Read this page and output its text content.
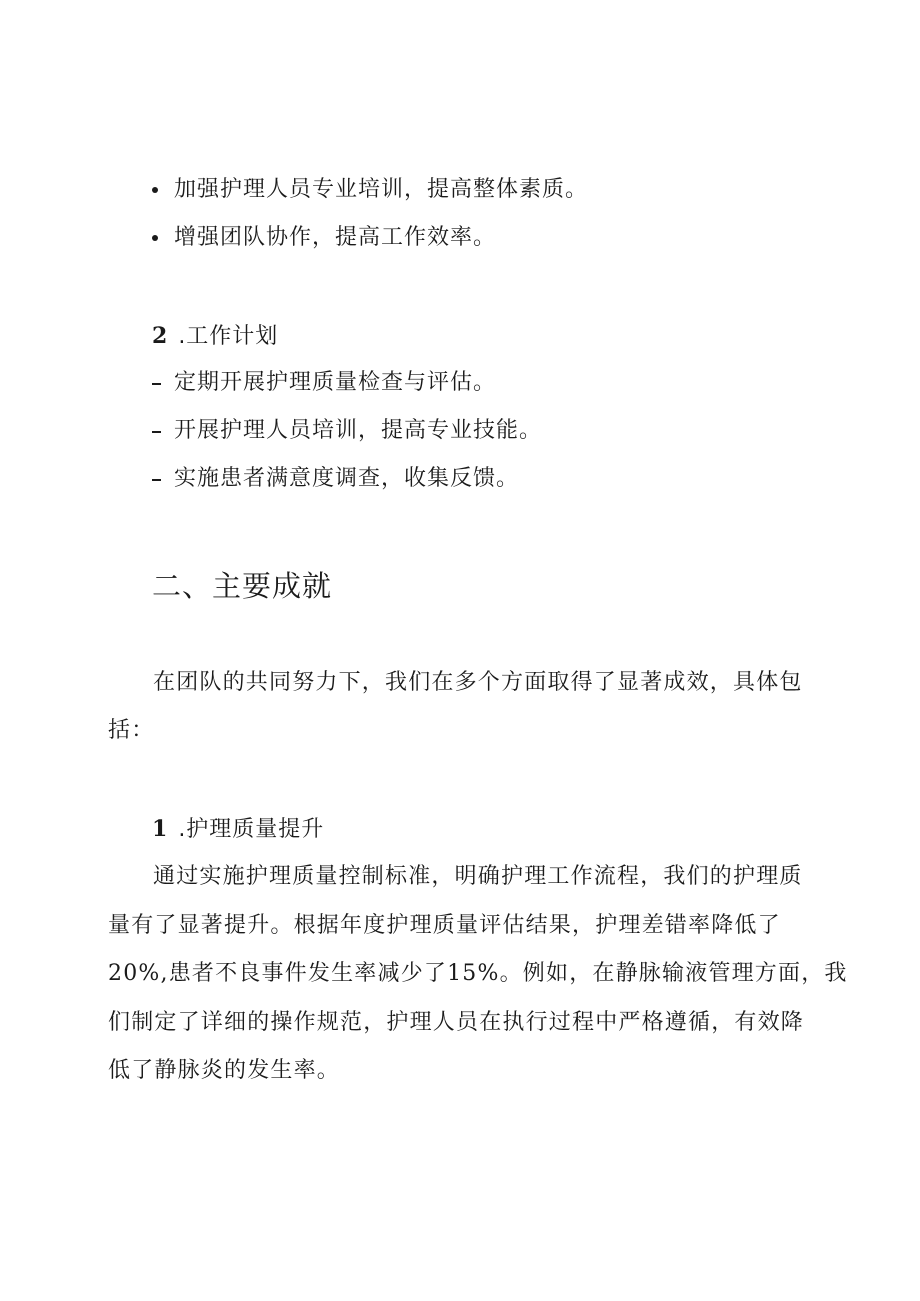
加强护理人员专业培训，提高整体素质。
增强团队协作，提高工作效率。
2 .工作计划
定期开展护理质量检查与评估。
开展护理人员培训，提高专业技能。
实施患者满意度调查，收集反馈。
二、主要成就
在团队的共同努力下，我们在多个方面取得了显著成效，具体包
括：
1 .护理质量提升
通过实施护理质量控制标准，明确护理工作流程，我们的护理质
量有了显著提升。根据年度护理质量评估结果，护理差错率降低了
20%,患者不良事件发生率减少了15%。例如，在静脉输液管理方面，我
们制定了详细的操作规范，护理人员在执行过程中严格遵循，有效降
低了静脉炎的发生率。
